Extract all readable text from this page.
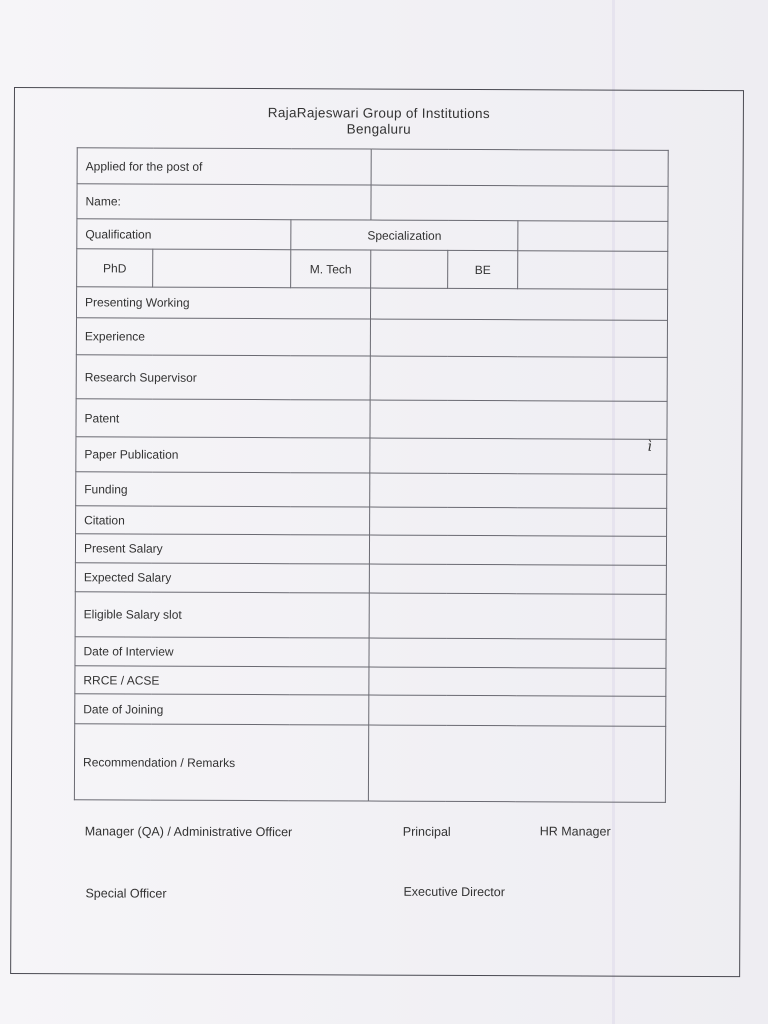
RajaRajeswari Group of Institutions
Bengaluru
Applied for the post of					
Name:					
Qualification		Specialization			
PhD		M. Tech		BE	
Presenting Working					
Experience					
Research Supervisor					
Patent					
Paper Publication					
Funding					
Citation					
Present Salary					
Expected Salary					
Eligible Salary slot					
Date of Interview					
RRCE / ACSE					
Date of Joining					
Recommendation / Remarks					
Manager (QA) / Administrative Officer	Principal	HR Manager
Special Officer	Executive Director
ì
